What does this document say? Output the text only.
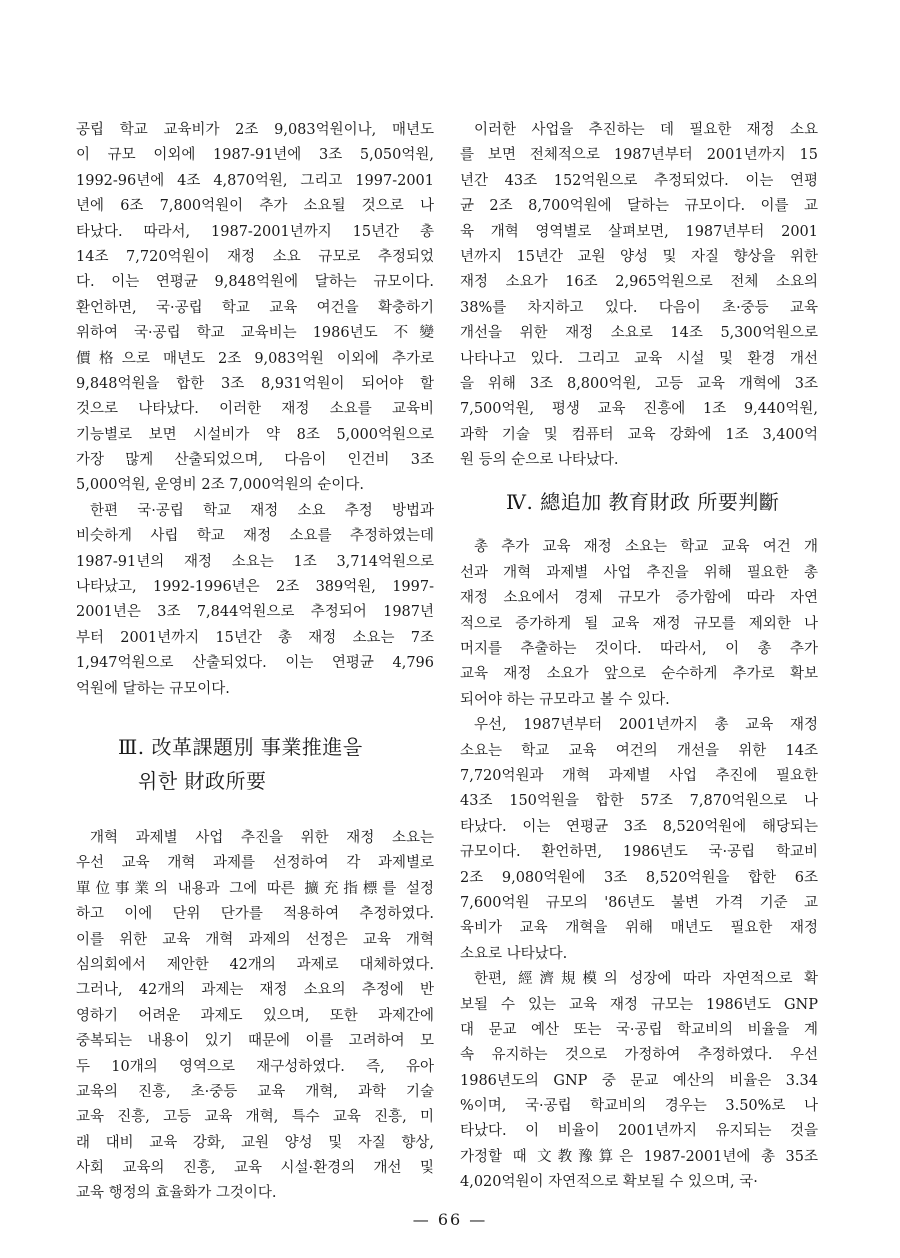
공립 학교 교육비가 2조 9,083억원이나, 매년도
이 규모 이외에 1987-91년에 3조 5,050억원,
1992-96년에 4조 4,870억원, 그리고 1997-2001
년에 6조 7,800억원이 추가 소요될 것으로 나
타났다. 따라서, 1987-2001년까지 15년간 총
14조 7,720억원이 재정 소요 규모로 추정되었
다. 이는 연평균 9,848억원에 달하는 규모이다.
환언하면, 국·공립 학교 교육 여건을 확충하기
위하여 국·공립 학교 교육비는 1986년도 不變
價格으로 매년도 2조 9,083억원 이외에 추가로
9,848억원을 합한 3조 8,931억원이 되어야 할
것으로 나타났다. 이러한 재정 소요를 교육비
기능별로 보면 시설비가 약 8조 5,000억원으로
가장 많게 산출되었으며, 다음이 인건비 3조
5,000억원, 운영비 2조 7,000억원의 순이다.
한편 국·공립 학교 재정 소요 추정 방법과
비슷하게 사립 학교 재정 소요를 추정하였는데
1987-91년의 재정 소요는 1조 3,714억원으로
나타났고, 1992-1996년은 2조 389억원, 1997-
2001년은 3조 7,844억원으로 추정되어 1987년
부터 2001년까지 15년간 총 재정 소요는 7조
1,947억원으로 산출되었다. 이는 연평균 4,796
억원에 달하는 규모이다.
Ⅲ. 改革課題別 事業推進을
위한 財政所要
개혁 과제별 사업 추진을 위한 재정 소요는
우선 교육 개혁 과제를 선정하여 각 과제별로
單位事業의 내용과 그에 따른 擴充指標를 설정
하고 이에 단위 단가를 적용하여 추정하였다.
이를 위한 교육 개혁 과제의 선정은 교육 개혁
심의회에서 제안한 42개의 과제로 대체하였다.
그러나, 42개의 과제는 재정 소요의 추정에 반
영하기 어려운 과제도 있으며, 또한 과제간에
중복되는 내용이 있기 때문에 이를 고려하여 모
두 10개의 영역으로 재구성하였다. 즉, 유아
교육의 진흥, 초·중등 교육 개혁, 과학 기술
교육 진흥, 고등 교육 개혁, 특수 교육 진흥, 미
래 대비 교육 강화, 교원 양성 및 자질 향상,
사회 교육의 진흥, 교육 시설·환경의 개선 및
교육 행정의 효율화가 그것이다.
이러한 사업을 추진하는 데 필요한 재정 소요
를 보면 전체적으로 1987년부터 2001년까지 15
년간 43조 152억원으로 추정되었다. 이는 연평
균 2조 8,700억원에 달하는 규모이다. 이를 교
육 개혁 영역별로 살펴보면, 1987년부터 2001
년까지 15년간 교원 양성 및 자질 향상을 위한
재정 소요가 16조 2,965억원으로 전체 소요의
38%를 차지하고 있다. 다음이 초·중등 교육
개선을 위한 재정 소요로 14조 5,300억원으로
나타나고 있다. 그리고 교육 시설 및 환경 개선
을 위해 3조 8,800억원, 고등 교육 개혁에 3조
7,500억원, 평생 교육 진흥에 1조 9,440억원,
과학 기술 및 컴퓨터 교육 강화에 1조 3,400억
원 등의 순으로 나타났다.
Ⅳ. 總追加 教育財政 所要判斷
총 추가 교육 재정 소요는 학교 교육 여건 개
선과 개혁 과제별 사업 추진을 위해 필요한 총
재정 소요에서 경제 규모가 증가함에 따라 자연
적으로 증가하게 될 교육 재정 규모를 제외한 나
머지를 추출하는 것이다. 따라서, 이 총 추가
교육 재정 소요가 앞으로 순수하게 추가로 확보
되어야 하는 규모라고 볼 수 있다.
우선, 1987년부터 2001년까지 총 교육 재정
소요는 학교 교육 여건의 개선을 위한 14조
7,720억원과 개혁 과제별 사업 추진에 필요한
43조 150억원을 합한 57조 7,870억원으로 나
타났다. 이는 연평균 3조 8,520억원에 해당되는
규모이다. 환언하면, 1986년도 국·공립 학교비
2조 9,080억원에 3조 8,520억원을 합한 6조
7,600억원 규모의 '86년도 불변 가격 기준 교
육비가 교육 개혁을 위해 매년도 필요한 재정
소요로 나타났다.
한편, 經濟規模의 성장에 따라 자연적으로 확
보될 수 있는 교육 재정 규모는 1986년도 GNP
대 문교 예산 또는 국·공립 학교비의 비율을 계
속 유지하는 것으로 가정하여 추정하였다. 우선
1986년도의 GNP 중 문교 예산의 비율은 3.34
%이며, 국·공립 학교비의 경우는 3.50%로 나
타났다. 이 비율이 2001년까지 유지되는 것을
가정할 때 文教豫算은 1987-2001년에 총 35조
4,020억원이 자연적으로 확보될 수 있으며, 국·
— 66 —
